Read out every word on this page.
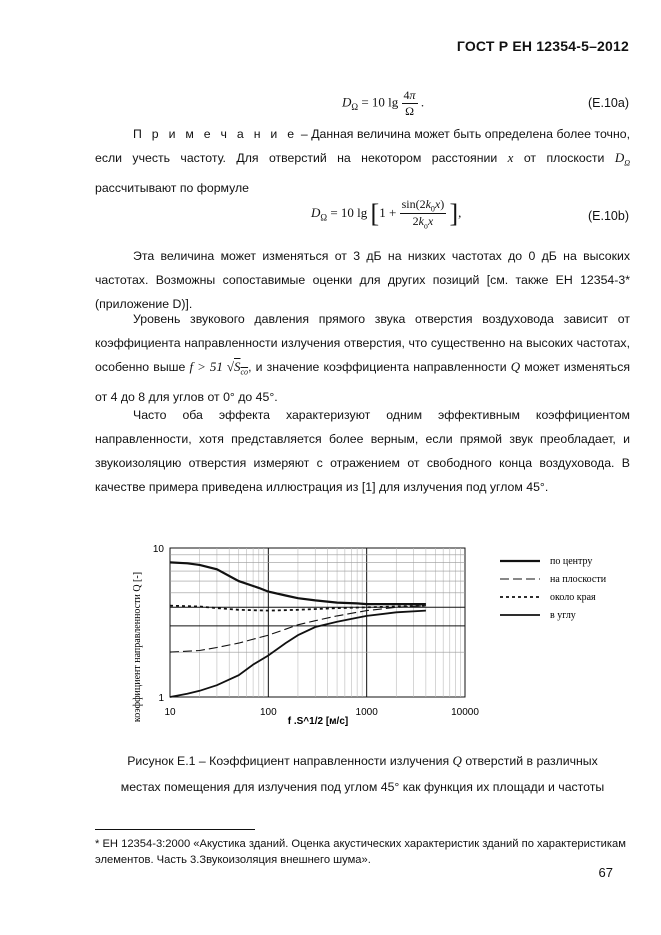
ГОСТ Р ЕН 12354-5–2012
$D_\Omega = 10$ $\lg \frac{4\pi}{\Omega}$ .	(E.10a)
П р и м е ч а н и е – Данная величина может быть определена более точно, если учесть частоту. Для отверстий на некотором расстоянии x от плоскости $D_\Omega$ рассчитывают по формуле
$D_\Omega = 10$ $\lg [1 + \frac{\sin(2k_0x)}{2k_ox}$ ],	(E.10b)
Эта величина может изменяться от 3 дБ на низких частотах до 0 дБ на высоких частотах. Возможны сопоставимые оценки для других позиций [см. также ЕН 12354-3* (приложение D)].
Уровень звукового давления прямого звука отверстия воздуховода зависит от коэффициента направленности излучения отверстия, что существенно на высоких частотах, особенно выше f > 51 $√S_{co}$, и значение коэффициента направленности Q может изменяться от 4 до 8 для углов от 0° до 45°.
Часто оба эффекта характеризуют одним эффективным коэффициентом направленности, хотя представляется более верным, если прямой звук преобладает, и звукоизоляцию отверстия измеряют с отражением от свободного конца воздуховода. В качестве примера приведена иллюстрация из [1] для излучения под углом 45°.
10	100	1000	10000
1
10
по центру
на плоскости
около края
в углу
коэффициент направленности Q [-]	f .S^1/2 [м/с]
Рисунок Е.1 – Коэффициент направленности излучения Q отверстий в различных
местах помещения для излучения под углом 45° как функция их площади и частоты
* ЕН 12354-3:2000 «Акустика зданий. Оценка акустических характеристик зданий по характеристикам элементов. Часть 3.Звукоизоляция внешнего шума».
67
